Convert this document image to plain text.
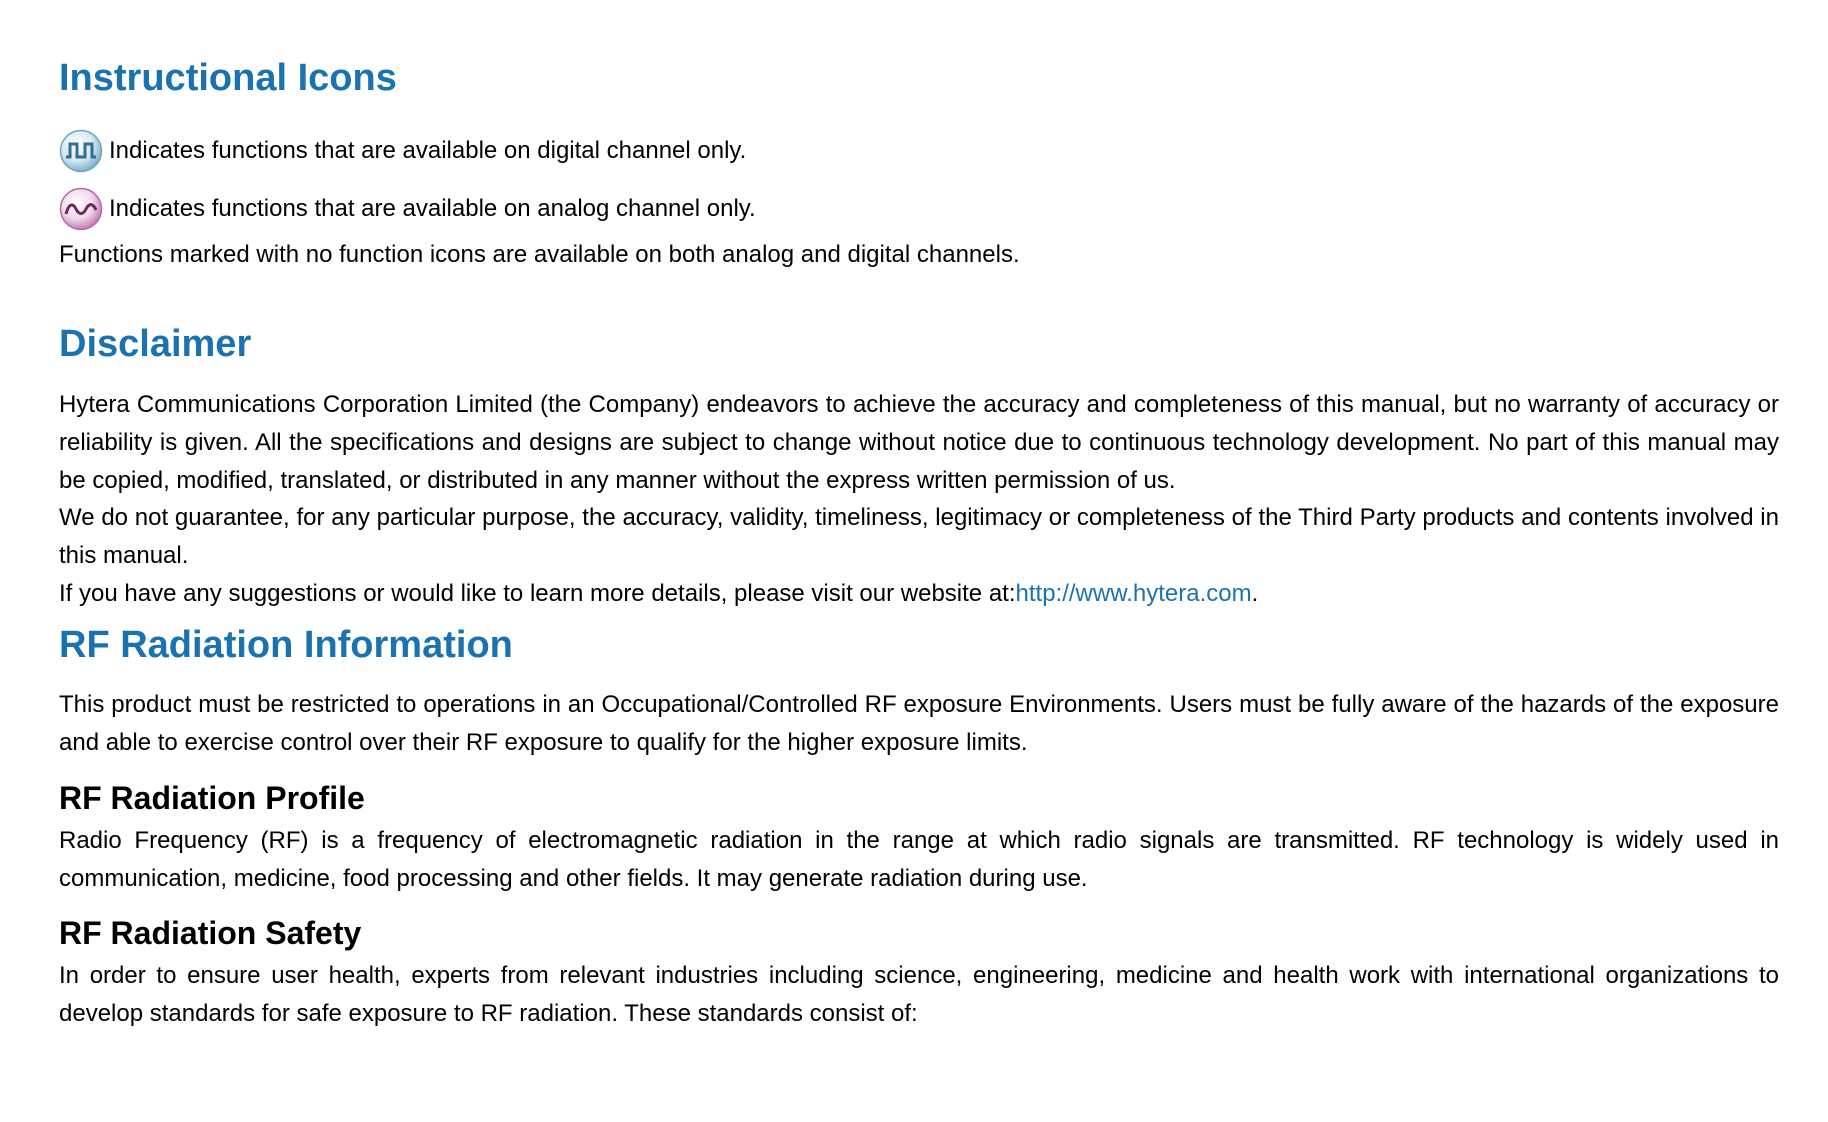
Instructional Icons
Indicates functions that are available on digital channel only.
Indicates functions that are available on analog channel only.
Functions marked with no function icons are available on both analog and digital channels.
Disclaimer

Hytera Communications Corporation Limited (the Company) endeavors to achieve the accuracy and completeness of this manual, but no warranty of accuracy or reliability is given. All the specifications and designs are subject to change without notice due to continuous technology development. No part of this manual may be copied, modified, translated, or distributed in any manner without the express written permission of us.

We do not guarantee, for any particular purpose, the accuracy, validity, timeliness, legitimacy or completeness of the Third Party products and contents involved in this manual.

If you have any suggestions or would like to learn more details, please visit our website at:http://www.hytera.com.

RF Radiation Information

This product must be restricted to operations in an Occupational/Controlled RF exposure Environments. Users must be fully aware of the hazards of the exposure and able to exercise control over their RF exposure to qualify for the higher exposure limits.

RF Radiation Profile

Radio Frequency (RF) is a frequency of electromagnetic radiation in the range at which radio signals are transmitted. RF technology is widely used in communication, medicine, food processing and other fields. It may generate radiation during use.

RF Radiation Safety

In order to ensure user health, experts from relevant industries including science, engineering, medicine and health work with international organizations to develop standards for safe exposure to RF radiation. These standards consist of:
